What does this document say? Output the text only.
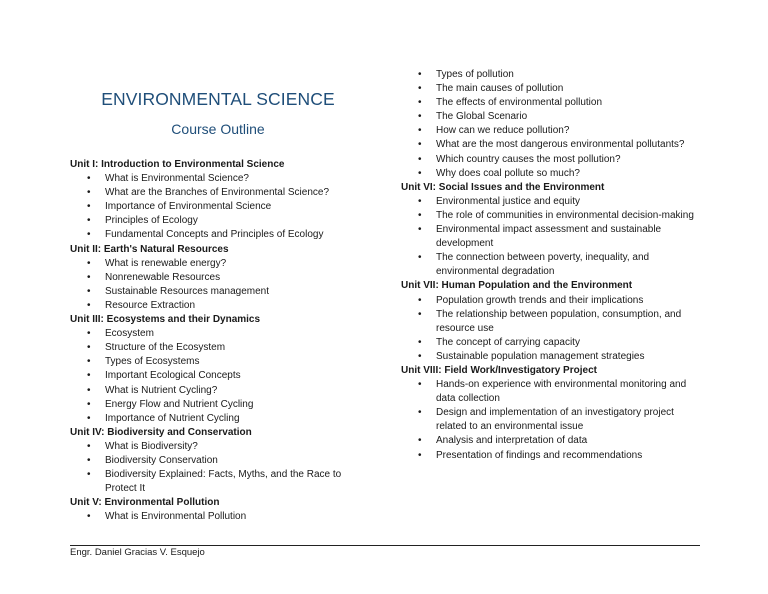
ENVIRONMENTAL SCIENCE
Course Outline
Unit I: Introduction to Environmental Science
• What is Environmental Science?
• What are the Branches of Environmental Science?
• Importance of Environmental Science
• Principles of Ecology
• Fundamental Concepts and Principles of Ecology
Unit II: Earth's Natural Resources
• What is renewable energy?
• Nonrenewable Resources
• Sustainable Resources management
• Resource Extraction
Unit III: Ecosystems and their Dynamics
• Ecosystem
• Structure of the Ecosystem
• Types of Ecosystems
• Important Ecological Concepts
• What is Nutrient Cycling?
• Energy Flow and Nutrient Cycling
• Importance of Nutrient Cycling
Unit IV: Biodiversity and Conservation
• What is Biodiversity?
• Biodiversity Conservation
• Biodiversity Explained: Facts, Myths, and the Race to Protect It
Unit V: Environmental Pollution
• What is Environmental Pollution
• Types of pollution
• The main causes of pollution
• The effects of environmental pollution
• The Global Scenario
• How can we reduce pollution?
• What are the most dangerous environmental pollutants?
• Which country causes the most pollution?
• Why does coal pollute so much?
Unit VI: Social Issues and the Environment
• Environmental justice and equity
• The role of communities in environmental decision-making
• Environmental impact assessment and sustainable development
• The connection between poverty, inequality, and environmental degradation
Unit VII: Human Population and the Environment
• Population growth trends and their implications
• The relationship between population, consumption, and resource use
• The concept of carrying capacity
• Sustainable population management strategies
Unit VIII: Field Work/Investigatory Project
• Hands-on experience with environmental monitoring and data collection
• Design and implementation of an investigatory project related to an environmental issue
• Analysis and interpretation of data
• Presentation of findings and recommendations
Engr. Daniel Gracias V. Esquejo
